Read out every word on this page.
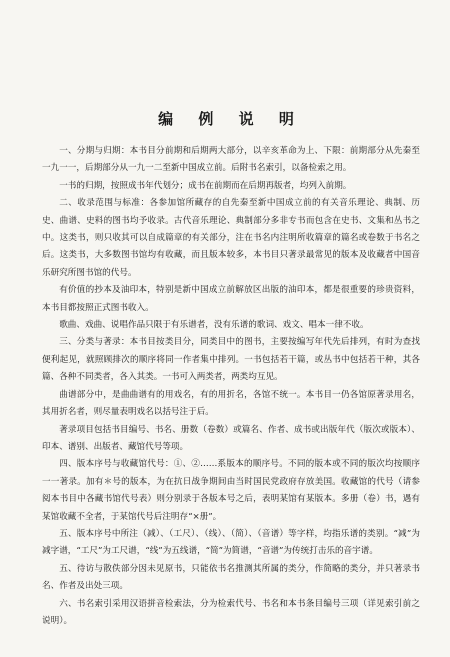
编 例 说 明

一、分期与归期：本书目分前期和后期两大部分，以辛亥革命为上、下限：前期部分从先秦至一九一一，后期部分从一九一二至新中国成立前。后附书名索引，以备检索之用。

一书的归期，按照成书年代划分；成书在前期而在后期再版者，均列入前期。

二、收录范围与标准：各参加馆所藏存的自先秦至新中国成立前的有关音乐理论、典制、历史、曲谱、史料的图书均予收录。古代音乐理论、典制部分多非专书而包含在史书、文集和丛书之中。这类书，则只收其可以自成篇章的有关部分，注在书名内注明所收篇章的篇名或卷数于书名之后。这类书，大多数图书馆均有收藏，而且版本较多，本书目只著录最常见的版本及收藏者中国音乐研究所图书馆的代号。

有价值的抄本及油印本，特别是新中国成立前解放区出版的油印本，都是很重要的珍贵资料，本书目都按照正式图书收入。

歌曲、戏曲、说唱作品只限于有乐谱者，没有乐谱的歌词、戏文、唱本一律不收。

三、分类与著录：本书目按类目分，同类目中的图书，主要按编写年代先后排列，有时为查找便利起见，就照顾排次的顺序将同一作者集中排列。一书包括若干篇，或丛书中包括若干种，其各篇、各种不同类者，各入其类。一书可入两类者，两类均互见。

曲谱部分中，是曲曲谱有的用戏名，有的用折名，各馆不统一。本书目一仍各馆原著录用名，其用折名者，则尽量表明戏名以括号注于后。

著录项目包括书目编号、书名、册数（卷数）或篇名、作者、成书或出版年代（版次或版本）、印本、谱别、出版者、藏馆代号等项。

四、版本序号与收藏馆代号：①、②……系版本的顺序号。不同的版本或不同的版次均按顺序一一著录。加有＊号的版本，为在抗日战争期间由当时国民党政府存放美国。收藏馆的代号（请参阅本书目中各藏书馆代号表）则分别录于各版本号之后，表明某馆有某版本。多册（卷）书，遇有某馆收藏不全者，于某馆代号后注明存“×册”。

五、版本序号中所注（减）、（工尺）、（线）、（简）、（音谱）等字样，均指乐谱的类别。“减”为减字谱，“工尺”为工尺谱，“线”为五线谱，“简”为简谱，“音谱”为传统打击乐的音宇谱。

五、待访与散佚部分因未见原书，只能依书名推测其所属的类分，作简略的类分，并只著录书名、作者及出处三项。

六、书名索引采用汉语拼音检索法，分为检索代号、书名和本书条目编号三项（详见索引前之说明）。
